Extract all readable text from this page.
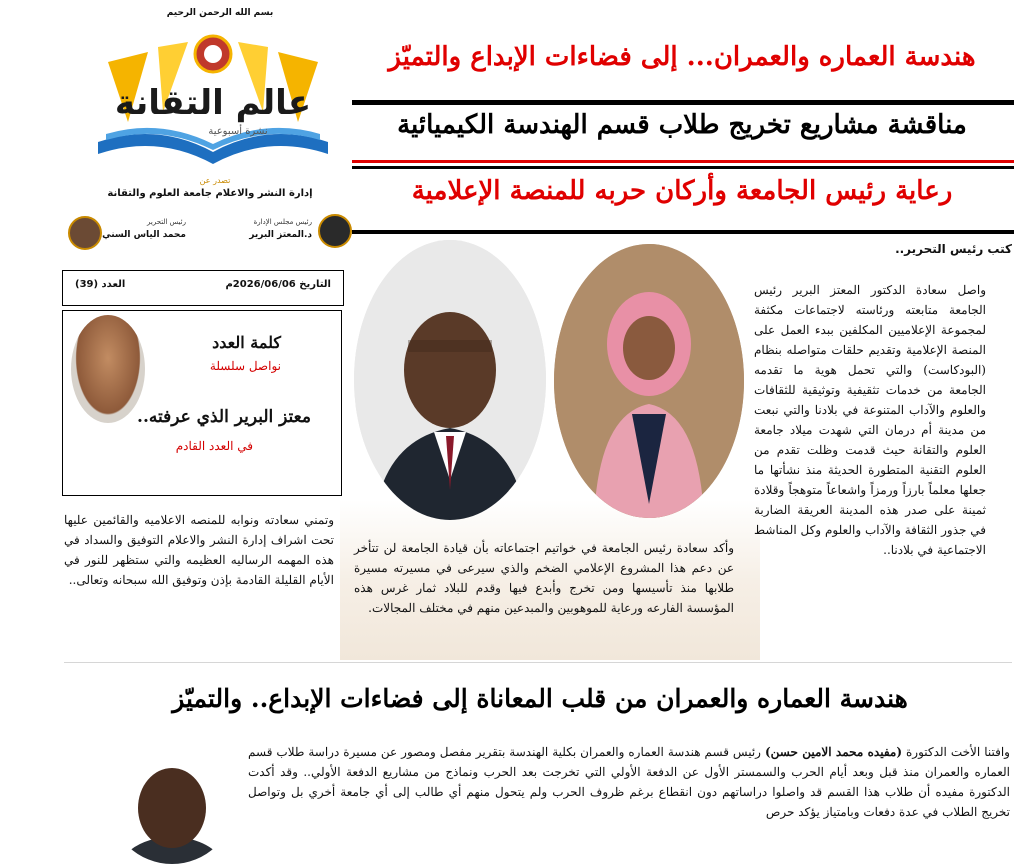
بسم الله الرحمن الرحيم
عالم التقانة
نشرة أسبوعية
تصدر عن
إدارة النشر والاعلام جامعة العلوم والتقانة
رئيس التحرير
محمد الياس السني
رئيس مجلس الإدارة
د.المعتز البرير
العدد (39)	التاريخ 2026/06/06م
كلمة العدد
نواصل سلسلة
معتز البرير الذي عرفته..
في العدد القادم
هندسة العماره والعمران... إلى فضاءات الإبداع والتميّز
مناقشة مشاريع تخريج طلاب قسم الهندسة الكيميائية
رعاية رئيس الجامعة وأركان حربه للمنصة الإعلامية
كتب رئيس التحرير..
واصل سعادة الدكتور المعتز البرير رئيس الجامعة متابعته ورئاسته لاجتماعات مكثفة لمجموعة الإعلاميين المكلفين ببدء العمل على المنصة الإعلامية وتقديم حلقات متواصله بنظام (البودكاست) والتي تحمل هوية ما تقدمه الجامعة من خدمات تثقيفية وتوثيقية للثقافات والعلوم والآداب المتنوعة في بلادنا والتي نبعت من مدينة أم درمان التي شهدت ميلاد جامعة العلوم والتقانة حيث قدمت وظلت تقدم من العلوم التقنية المتطورة الحديثة منذ نشأتها ما جعلها معلماً بارزاً ورمزاً واشعاعاً متوهجاً وقلادة ثمينة على صدر هذه المدينة العريقة الضاربة في جذور الثقافة والآداب والعلوم وكل المناشط الاجتماعية في بلادنا..
وأكد سعادة رئيس الجامعة في خواتيم اجتماعاته بأن قيادة الجامعة لن تتأخر عن دعم هذا المشروع الإعلامي الضخم والذي سيرعى في مسيرته مسيرة طلابها منذ تأسيسها ومن تخرج وأبدع فيها وقدم للبلاد ثمار غرس هذه المؤسسة الفارعه ورعاية للموهوبين والمبدعين منهم في مختلف المجالات.
وتمني سعادته ونوابه للمنصه الاعلاميه والقائمين عليها تحت اشراف إدارة النشر والاعلام التوفيق والسداد في هذه المهمه الرساليه العظيمه والتي ستظهر للنور في الأيام القليلة القادمة بإذن وتوفيق الله سبحانه وتعالى..
هندسة العماره والعمران من قلب المعاناة إلى فضاءات الإبداع.. والتميّز
وافتنا الأخت الدكتورة (مفيده محمد الامين حسن) رئيس قسم هندسة العماره والعمران بكلية الهندسة بتقرير مفصل ومصور عن مسيرة دراسة طلاب قسم العماره والعمران منذ قبل وبعد أيام الحرب والسمستر الأول عن الدفعة الأولي التي تخرجت بعد الحرب ونماذج من مشاريع الدفعة الأولي.. وقد أكدت الدكتورة مفيده أن طلاب هذا القسم قد واصلوا دراساتهم دون انقطاع برغم ظروف الحرب ولم يتحول منهم أي طالب إلى أي جامعة أخري بل وتواصل تخريج الطلاب في عدة دفعات وبامتياز يؤكد حرص
